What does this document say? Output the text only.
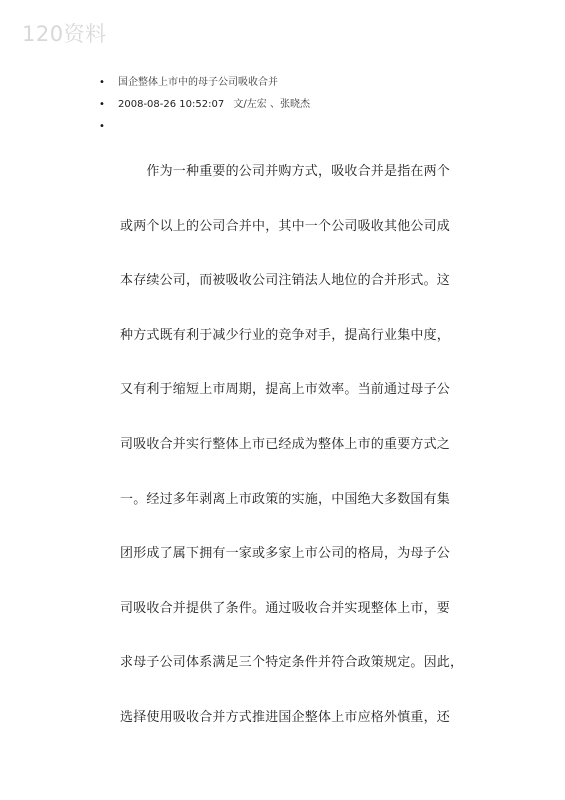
120资料
• 国企整体上市中的母子公司吸收合并
• 2008-08-26 10:52:07 文/左宏 、张晓杰
•
　　作为一种重要的公司并购方式，吸收合并是指在两个
或两个以上的公司合并中，其中一个公司吸收其他公司成
本存续公司，而被吸收公司注销法人地位的合并形式。这
种方式既有利于减少行业的竞争对手，提高行业集中度，
又有利于缩短上市周期，提高上市效率。当前通过母子公
司吸收合并实行整体上市已经成为整体上市的重要方式之
一。经过多年剥离上市政策的实施，中国绝大多数国有集
团形成了属下拥有一家或多家上市公司的格局，为母子公
司吸收合并提供了条件。通过吸收合并实现整体上市，要
求母子公司体系满足三个特定条件并符合政策规定。因此，
选择使用吸收合并方式推进国企整体上市应格外慎重，还
